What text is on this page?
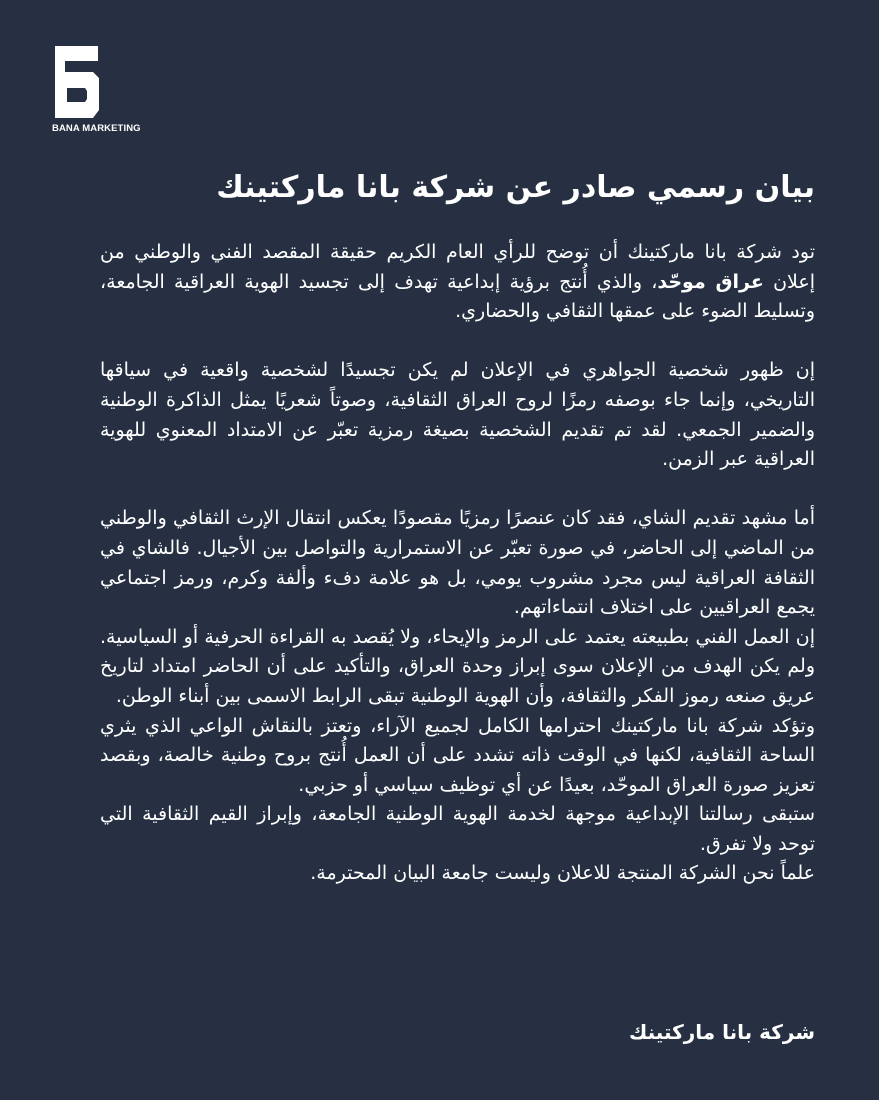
BANA MARKETING
بيان رسمي صادر عن شركة بانا ماركتينك

تود شركة بانا ماركتينك أن توضح للرأي العام الكريم حقيقة المقصد الفني والوطني من إعلان عراق موحّد، والذي أُنتج برؤية إبداعية تهدف إلى تجسيد الهوية العراقية الجامعة، وتسليط الضوء على عمقها الثقافي والحضاري.

إن ظهور شخصية الجواهري في الإعلان لم يكن تجسيدًا لشخصية واقعية في سياقها التاريخي، وإنما جاء بوصفه رمزًا لروح العراق الثقافية، وصوتاً شعريًا يمثل الذاكرة الوطنية والضمير الجمعي. لقد تم تقديم الشخصية بصيغة رمزية تعبّر عن الامتداد المعنوي للهوية العراقية عبر الزمن.

أما مشهد تقديم الشاي، فقد كان عنصرًا رمزيًا مقصودًا يعكس انتقال الإرث الثقافي والوطني من الماضي إلى الحاضر، في صورة تعبّر عن الاستمرارية والتواصل بين الأجيال. فالشاي في الثقافة العراقية ليس مجرد مشروب يومي، بل هو علامة دفء وألفة وكرم، ورمز اجتماعي يجمع العراقيين على اختلاف انتماءاتهم.

إن العمل الفني بطبيعته يعتمد على الرمز والإيحاء، ولا يُقصد به القراءة الحرفية أو السياسية. ولم يكن الهدف من الإعلان سوى إبراز وحدة العراق، والتأكيد على أن الحاضر امتداد لتاريخ عريق صنعه رموز الفكر والثقافة، وأن الهوية الوطنية تبقى الرابط الاسمى بين أبناء الوطن.

وتؤكد شركة بانا ماركتينك احترامها الكامل لجميع الآراء، وتعتز بالنقاش الواعي الذي يثري الساحة الثقافية، لكنها في الوقت ذاته تشدد على أن العمل أُنتج بروح وطنية خالصة، وبقصد تعزيز صورة العراق الموحّد، بعيدًا عن أي توظيف سياسي أو حزبي.

ستبقى رسالتنا الإبداعية موجهة لخدمة الهوية الوطنية الجامعة، وإبراز القيم الثقافية التي توحد ولا تفرق.

علماً نحن الشركة المنتجة للاعلان وليست جامعة البيان المحترمة.

شركة بانا ماركتينك
